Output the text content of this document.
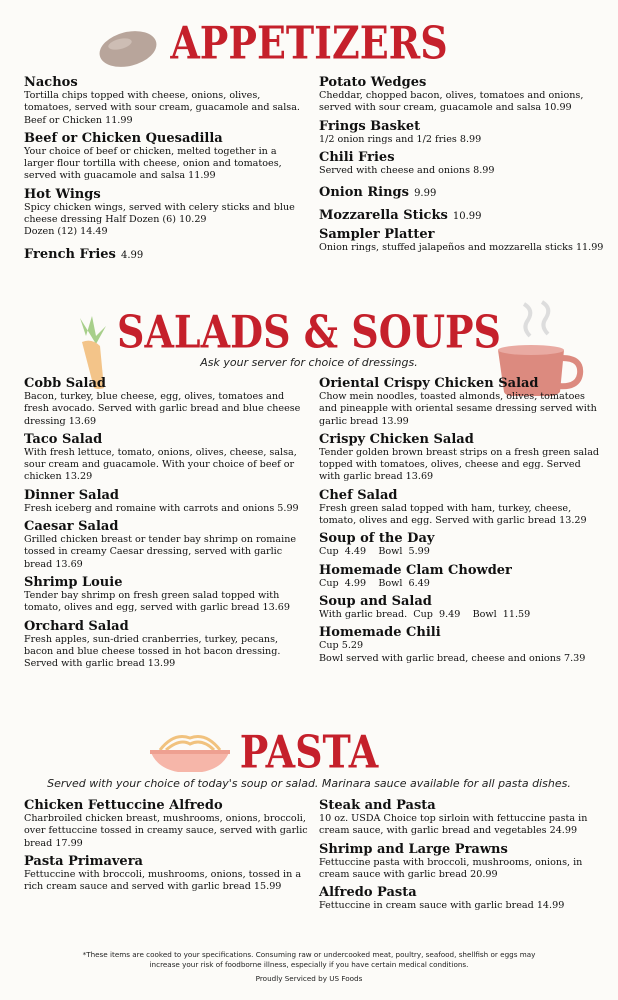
APPETIZERS
SALADS & SOUPS
Ask your server for choice of dressings.
PASTA
Served with your choice of today's soup or salad. Marinara sauce available for all pasta dishes.
Nachos
Tortilla chips topped with cheese, onions, olives, tomatoes, served with sour cream, guacamole and salsa. Beef or Chicken 11.99
Beef or Chicken Quesadilla
Your choice of beef or chicken, melted together in a larger flour tortilla with cheese, onion and tomatoes, served with guacamole and salsa 11.99
Hot Wings
Spicy chicken wings, served with celery sticks and blue cheese dressing Half Dozen (6) 10.29
Dozen (12) 14.49
French Fries 4.99
Potato Wedges
Cheddar, chopped bacon, olives, tomatoes and onions, served with sour cream, guacamole and salsa 10.99
Frings Basket
1/2 onion rings and 1/2 fries 8.99
Chili Fries
Served with cheese and onions 8.99
Onion Rings 9.99
Mozzarella Sticks 10.99
Sampler Platter
Onion rings, stuffed jalapeños and mozzarella sticks 11.99
Cobb Salad
Bacon, turkey, blue cheese, egg, olives, tomatoes and fresh avocado. Served with garlic bread and blue cheese dressing 13.69
Taco Salad
With fresh lettuce, tomato, onions, olives, cheese, salsa, sour cream and guacamole. With your choice of beef or chicken 13.29
Dinner Salad
Fresh iceberg and romaine with carrots and onions 5.99
Caesar Salad
Grilled chicken breast or tender bay shrimp on romaine tossed in creamy Caesar dressing, served with garlic bread 13.69
Shrimp Louie
Tender bay shrimp on fresh green salad topped with tomato, olives and egg, served with garlic bread 13.69
Orchard Salad
Fresh apples, sun-dried cranberries, turkey, pecans, bacon and blue cheese tossed in hot bacon dressing. Served with garlic bread 13.99
Oriental Crispy Chicken Salad
Chow mein noodles, toasted almonds, olives, tomatoes and pineapple with oriental sesame dressing served with garlic bread 13.99
Crispy Chicken Salad
Tender golden brown breast strips on a fresh green salad topped with tomatoes, olives, cheese and egg. Served with garlic bread 13.69
Chef Salad
Fresh green salad topped with ham, turkey, cheese, tomato, olives and egg. Served with garlic bread 13.29
Soup of the Day
Cup  4.49    Bowl  5.99
Homemade Clam Chowder
Cup  4.99    Bowl  6.49
Soup and Salad
With garlic bread.  Cup  9.49    Bowl  11.59
Homemade Chili
Cup 5.29
Bowl served with garlic bread, cheese and onions 7.39
Chicken Fettuccine Alfredo
Charbroiled chicken breast, mushrooms, onions, broccoli, over fettuccine tossed in creamy sauce, served with garlic bread 17.99
Pasta Primavera
Fettuccine with broccoli, mushrooms, onions, tossed in a rich cream sauce and served with garlic bread 15.99
Steak and Pasta
10 oz. USDA Choice top sirloin with fettuccine pasta in cream sauce, with garlic bread and vegetables 24.99
Shrimp and Large Prawns
Fettuccine pasta with broccoli, mushrooms, onions, in cream sauce with garlic bread 20.99
Alfredo Pasta
Fettuccine in cream sauce with garlic bread 14.99
*These items are cooked to your specifications. Consuming raw or undercooked meat, poultry, seafood, shellfish or eggs may increase your risk of foodborne illness, especially if you have certain medical conditions.
Proudly Serviced by US Foods
